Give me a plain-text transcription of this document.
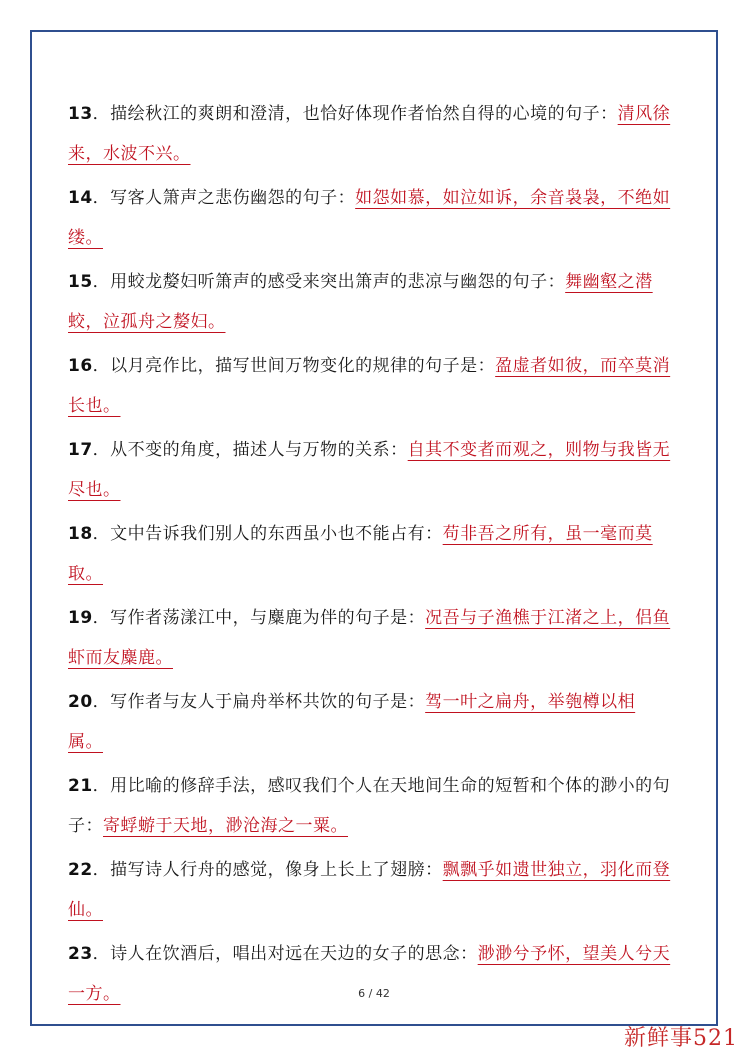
13．描绘秋江的爽朗和澄清，也恰好体现作者怡然自得的心境的句子：清风徐来，水波不兴。

14．写客人箫声之悲伤幽怨的句子：如怨如慕，如泣如诉，余音袅袅，不绝如缕。

15．用蛟龙嫠妇听箫声的感受来突出箫声的悲凉与幽怨的句子：舞幽壑之潜蛟，泣孤舟之嫠妇。

16．以月亮作比，描写世间万物变化的规律的句子是：盈虚者如彼，而卒莫消长也。

17．从不变的角度，描述人与万物的关系：自其不变者而观之，则物与我皆无尽也。

18．文中告诉我们别人的东西虽小也不能占有：苟非吾之所有，虽一毫而莫取。

19．写作者荡漾江中，与麋鹿为伴的句子是：况吾与子渔樵于江渚之上，侣鱼虾而友麋鹿。

20．写作者与友人于扁舟举杯共饮的句子是：驾一叶之扁舟，举匏樽以相属。

21．用比喻的修辞手法，感叹我们个人在天地间生命的短暂和个体的渺小的句子：寄蜉蝣于天地，渺沧海之一粟。

22．描写诗人行舟的感觉，像身上长上了翅膀：飘飘乎如遗世独立，羽化而登仙。

23．诗人在饮酒后，唱出对远在天边的女子的思念：渺渺兮予怀，望美人兮天一方。	6 / 42
新鲜事521
